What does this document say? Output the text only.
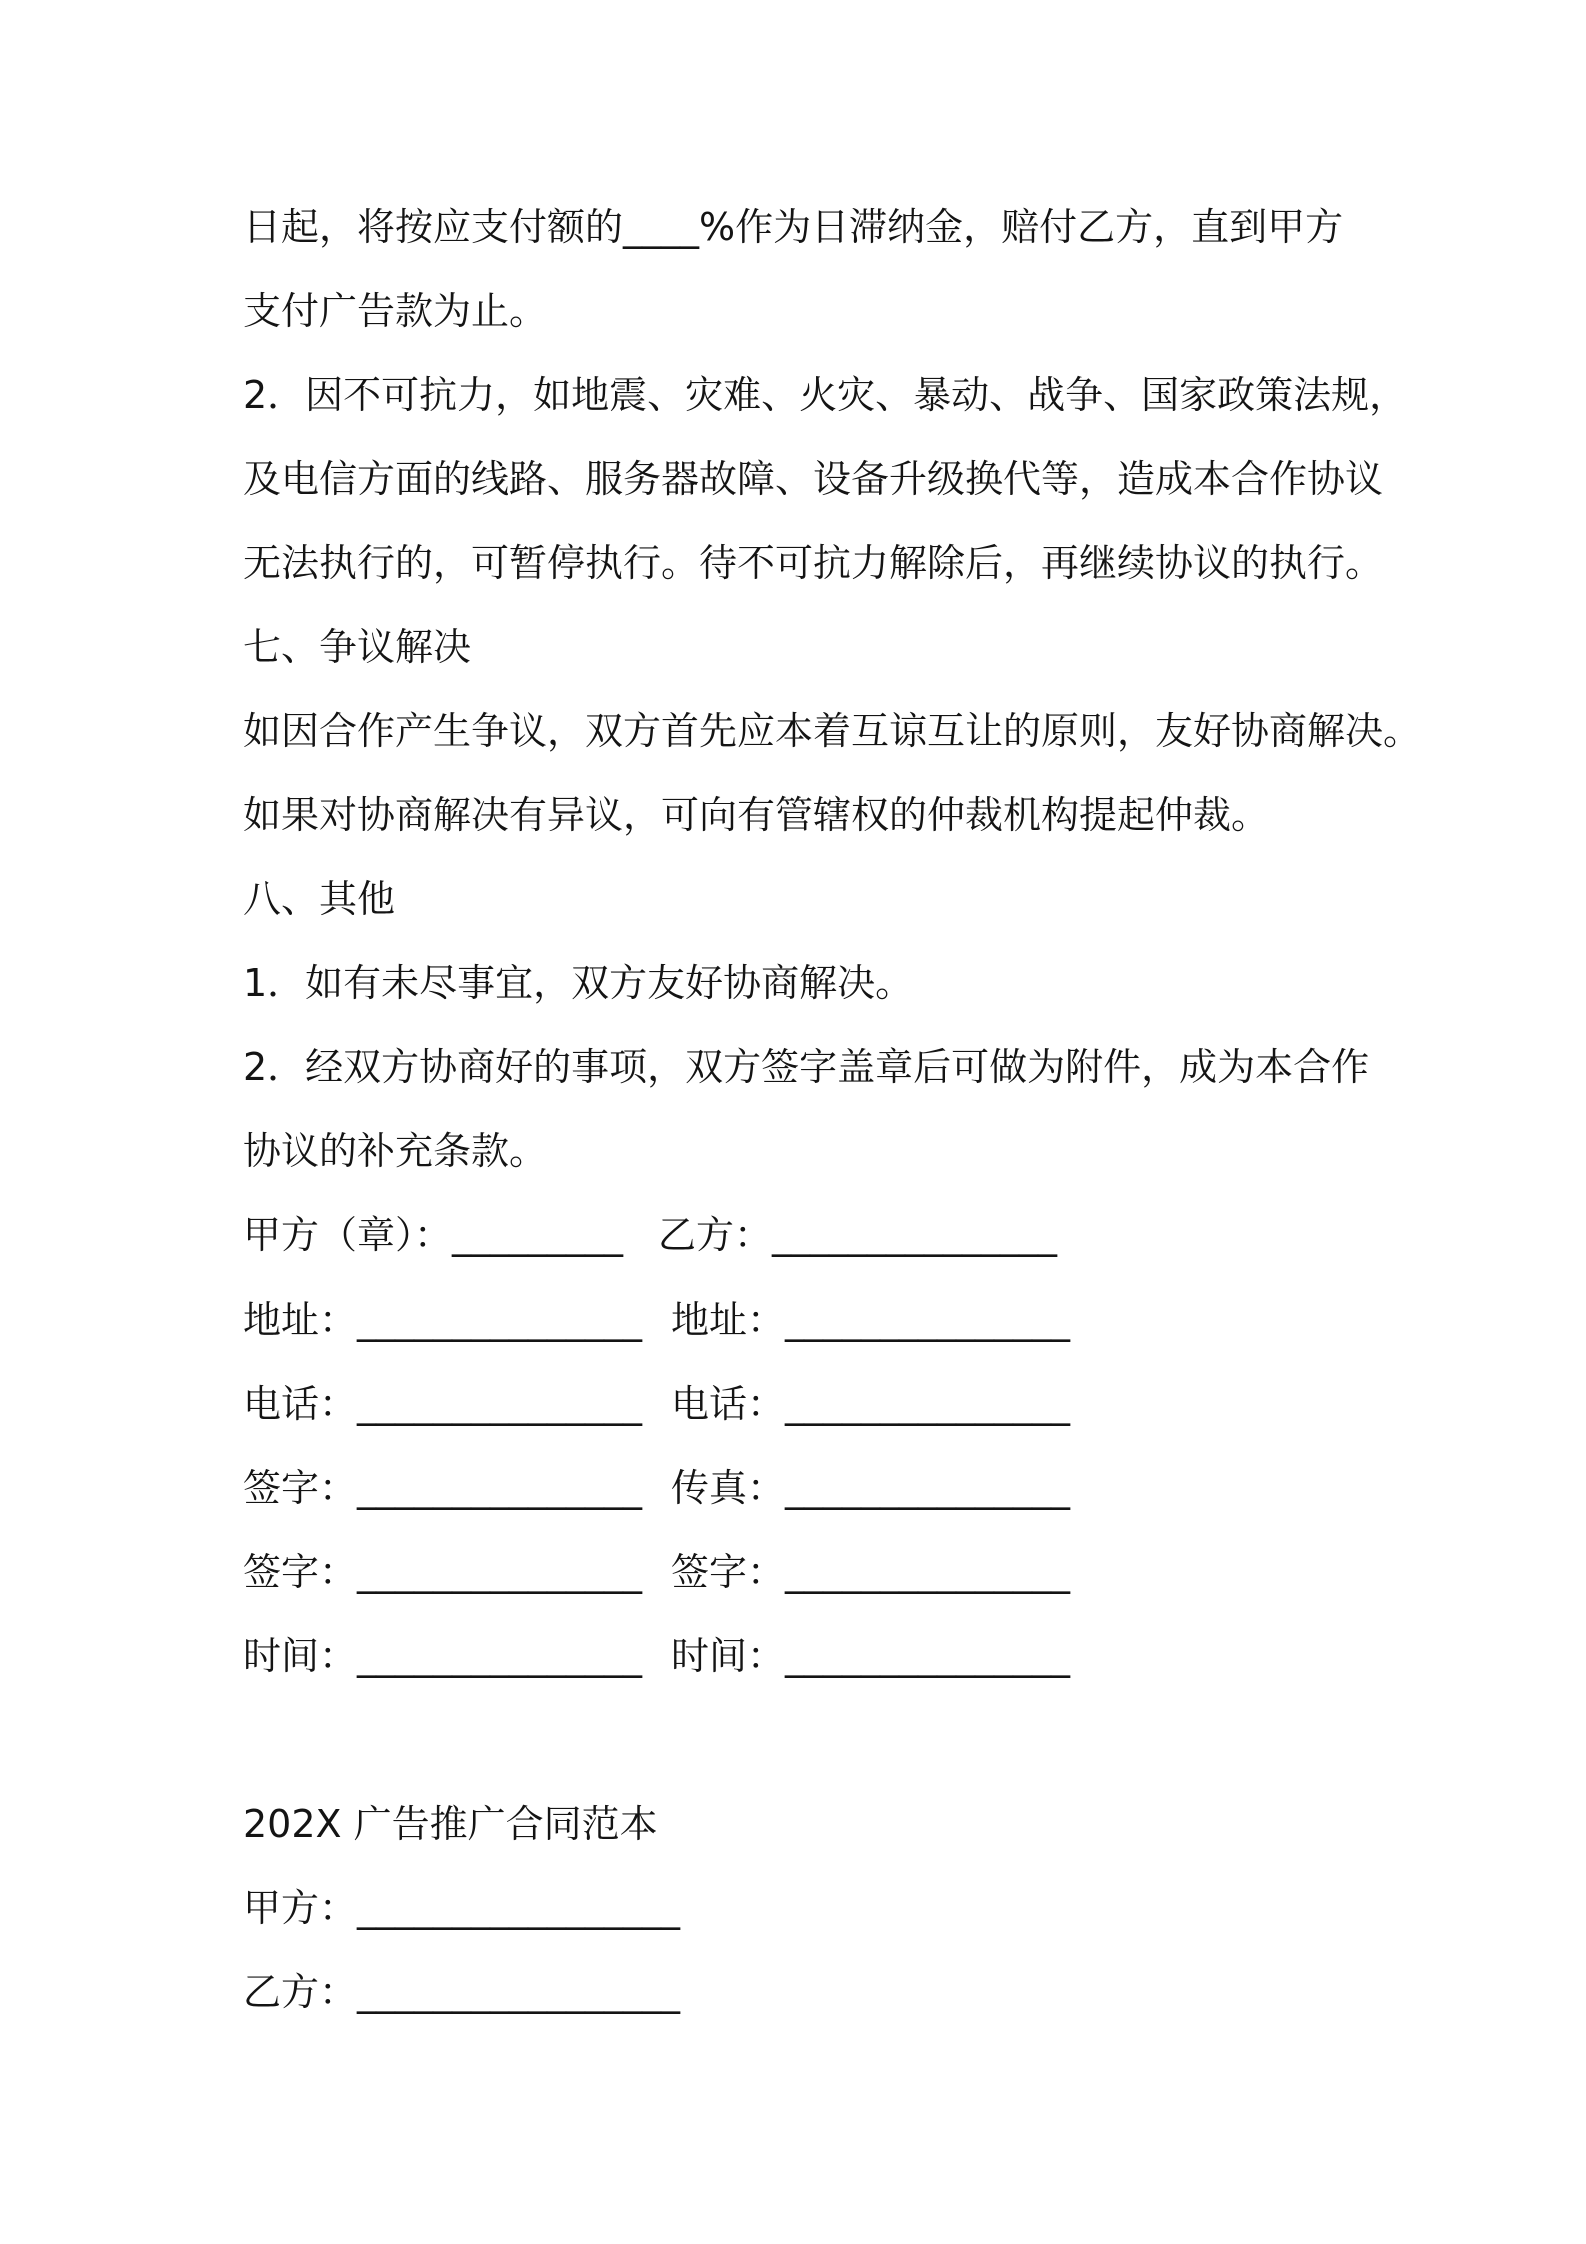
日起，将按应支付额的____%作为日滞纳金，赔付乙方，直到甲方
支付广告款为止。
2．因不可抗力，如地震、灾难、火灾、暴动、战争、国家政策法规，
及电信方面的线路、服务器故障、设备升级换代等，造成本合作协议
无法执行的，可暂停执行。待不可抗力解除后，再继续协议的执行。
七、争议解决
如因合作产生争议，双方首先应本着互谅互让的原则，友好协商解决。
如果对协商解决有异议，可向有管辖权的仲裁机构提起仲裁。
八、其他
1．如有未尽事宜，双方友好协商解决。
2．经双方协商好的事项，双方签字盖章后可做为附件，成为本合作
协议的补充条款。
甲方（章）：_________ 乙方：_______________
地址：_______________ 地址：_______________
电话：_______________ 电话：_______________
签字：_______________ 传真：_______________
签字：_______________ 签字：_______________
时间：_______________ 时间：_______________
202X 广告推广合同范本
甲方：_________________
乙方：_________________
